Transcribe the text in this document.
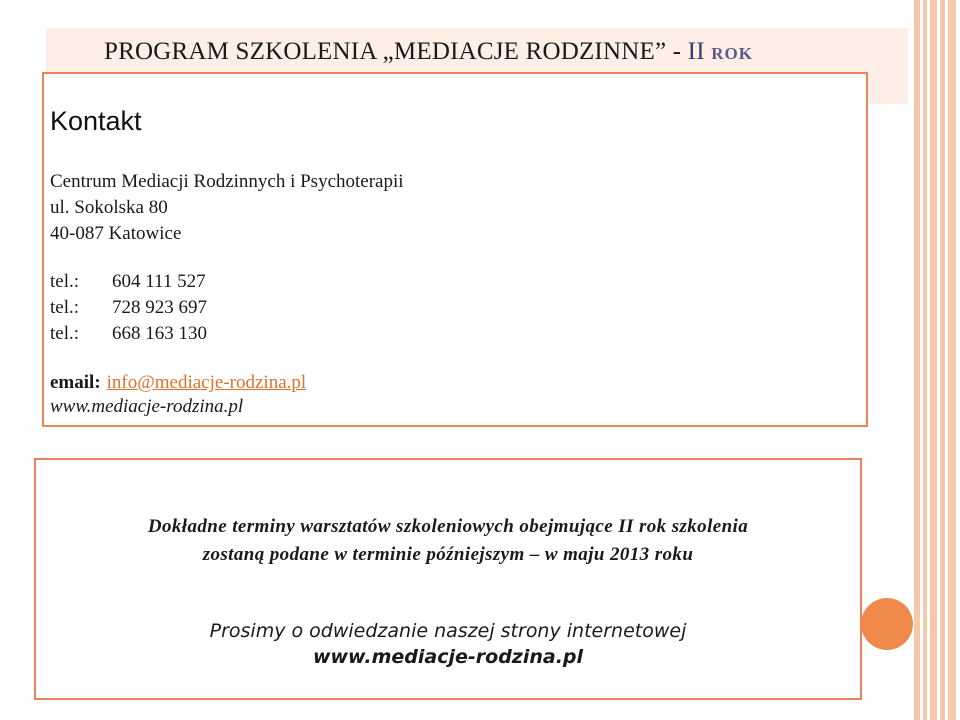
PROGRAM SZKOLENIA „MEDIACJE RODZINNE” - II ROK
Kontakt
Centrum Mediacji Rodzinnych i Psychoterapii
ul. Sokolska 80
40-087 Katowice
tel.: 604 111 527
tel.: 728 923 697
tel.: 668 163 130
email: info@mediacje-rodzina.pl
www.mediacje-rodzina.pl
Dokładne terminy warsztatów szkoleniowych obejmujące II rok szkolenia
zostaną podane w terminie późniejszym – w maju 2013 roku
Prosimy o odwiedzanie naszej strony internetowej
www.mediacje-rodzina.pl
